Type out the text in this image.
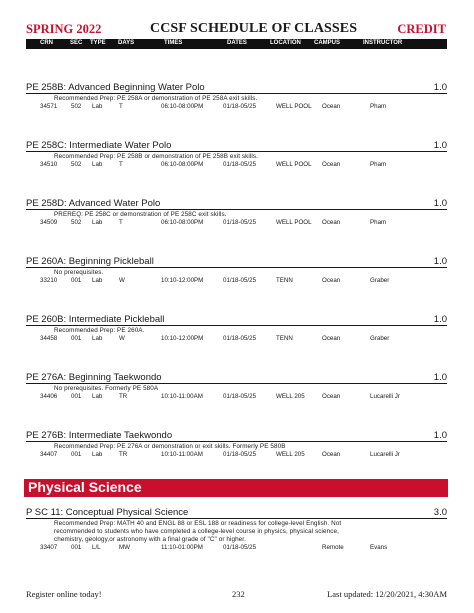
SPRING 2022	CCSF SCHEDULE OF CLASSES	CREDIT
CRN	SEC TYPE DAYS	TIMES	DATES	LOCATION CAMPUS	INSTRUCTOR
PE 258B: Advanced Beginning Water Polo	1.0
Recommended Prep: PE 258A or demonstration of PE 258A exit skills.
34571 502 Lab	T	06:10-08:00PM	01/18-05/25	WELL POOL Ocean	Pham
PE 258C: Intermediate Water Polo	1.0
Recommended Prep: PE 258B or demonstration of PE 258B exit skills.
34510 502 Lab	T	06:10-08:00PM	01/18-05/25	WELL POOL Ocean	Pham
PE 258D: Advanced Water Polo	1.0
PREREQ: PE 258C or demonstration of PE 258C exit skills.
34509 502 Lab	T	06:10-08:00PM	01/18-05/25	WELL POOL Ocean	Pham
PE 260A: Beginning Pickleball	1.0
No prerequisites.
33210 001 Lab	W	10:10-12:00PM	01/18-05/25	TENN	Ocean	Graber
PE 260B: Intermediate Pickleball	1.0
Recommended Prep: PE 260A.
34458 001 Lab	W	10:10-12:00PM	01/18-05/25	TENN	Ocean	Graber
PE 276A: Beginning Taekwondo	1.0
No prerequisites. Formerly PE 580A
34406 001 Lab	TR	10:10-11:00AM	01/18-05/25	WELL 205	Ocean	Lucarelli Jr
PE 276B: Intermediate Taekwondo	1.0
Recommended Prep: PE 276A or demonstration or exit skills. Formerly PE 580B
34407 001 Lab	TR	10:10-11:00AM	01/18-05/25	WELL 205	Ocean	Lucarelli Jr
Physical Science
P SC 11: Conceptual Physical Science	3.0
Recommended Prep: MATH 40 and ENGL 88 or ESL 188 or readiness for college-level English. Not
recommended to students who have completed a college-level course in physics, physical science,
chemistry, geology,or astronomy with a final grade of "C" or higher.
33407 001 L/L	MW	11:10-01:00PM	01/18-05/25	Remote	Evans
Register online today!	232	Last updated: 12/20/2021, 4:30AM
